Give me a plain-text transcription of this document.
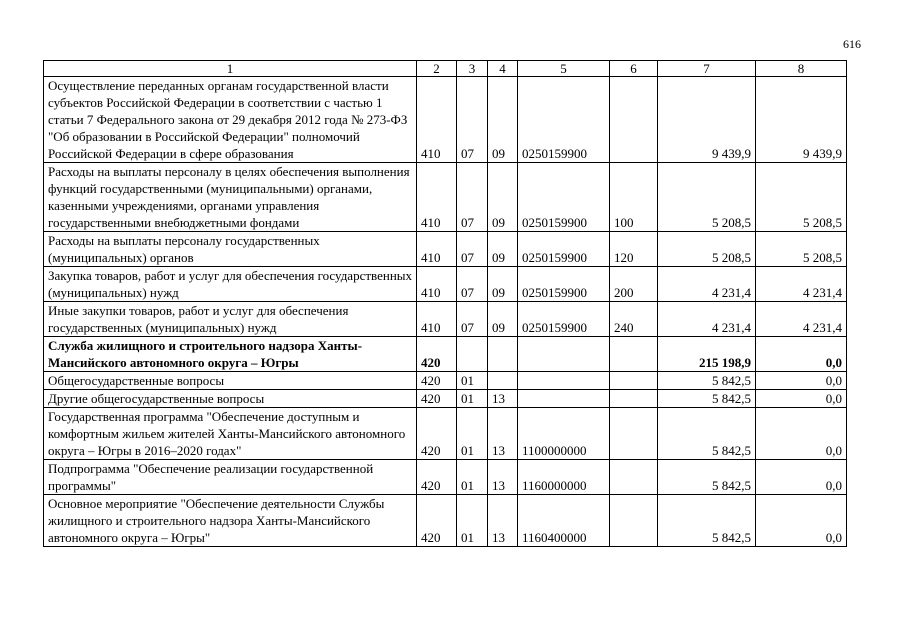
616
1	2	3	4	5	6	7	8
Осуществление переданных органам государственной власти субъектов Российской Федерации в соответствии с частью 1 статьи 7 Федерального закона от 29 декабря 2012 года № 273-ФЗ "Об образовании в Российской Федерации" полномочий Российской Федерации в сфере образования	410	07	09	0250159900		9 439,9	9 439,9
Расходы на выплаты персоналу в целях обеспечения выполнения функций государственными (муниципальными) органами, казенными учреждениями, органами управления государственными внебюджетными фондами	410	07	09	0250159900	100	5 208,5	5 208,5
Расходы на выплаты персоналу государственных (муниципальных) органов	410	07	09	0250159900	120	5 208,5	5 208,5
Закупка товаров, работ и услуг для обеспечения государственных (муниципальных) нужд	410	07	09	0250159900	200	4 231,4	4 231,4
Иные закупки товаров, работ и услуг для обеспечения государственных (муниципальных) нужд	410	07	09	0250159900	240	4 231,4	4 231,4
Служба жилищного и строительного надзора Ханты-Мансийского автономного округа – Югры	420					215 198,9	0,0
Общегосударственные вопросы	420	01				5 842,5	0,0
Другие общегосударственные вопросы	420	01	13			5 842,5	0,0
Государственная программа "Обеспечение доступным и комфортным жильем жителей Ханты-Мансийского автономного округа – Югры в 2016–2020 годах"	420	01	13	1100000000		5 842,5	0,0
Подпрограмма "Обеспечение реализации государственной программы"	420	01	13	1160000000		5 842,5	0,0
Основное мероприятие "Обеспечение деятельности Службы жилищного и строительного надзора Ханты-Мансийского автономного округа – Югры"	420	01	13	1160400000		5 842,5	0,0
